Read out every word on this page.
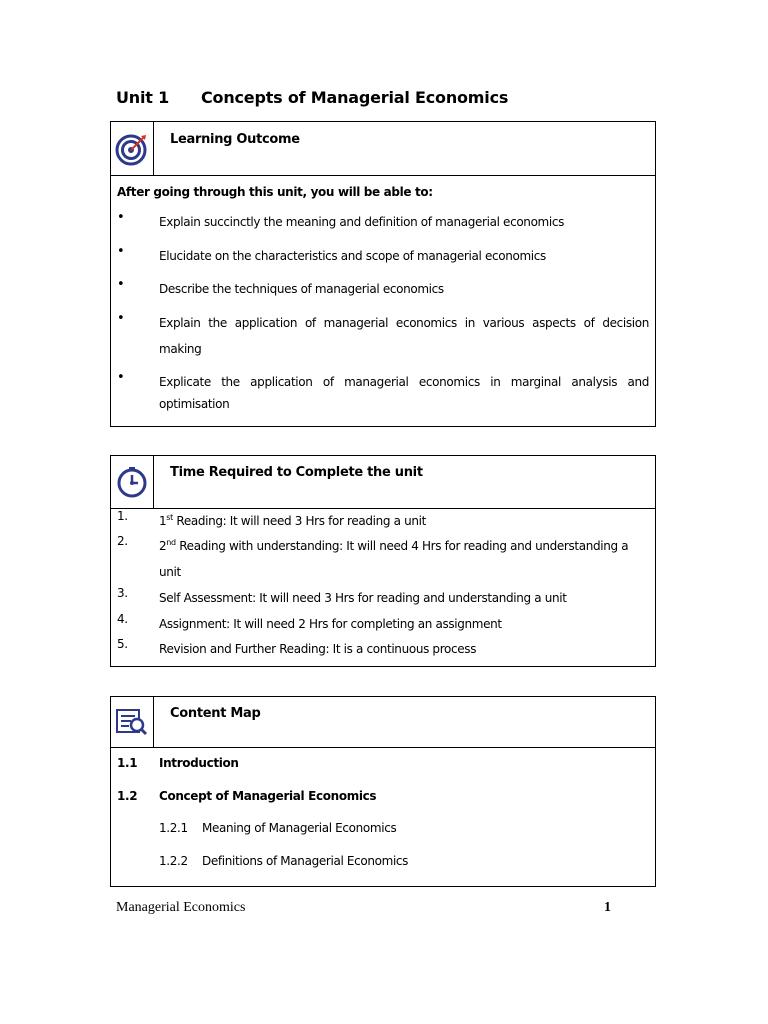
Unit 1 Concepts of Managerial Economics
Learning Outcome
After going through this unit, you will be able to:
•	Explain succinctly the meaning and definition of managerial economics
•	Elucidate on the characteristics and scope of managerial economics
•	Describe the techniques of managerial economics
•	Explain the application of managerial economics in various aspects of decision
making
•	Explicate the application of managerial economics in marginal analysis and
optimisation
Time Required to Complete the unit
1.	1st Reading: It will need 3 Hrs for reading a unit
2.	2nd Reading with understanding: It will need 4 Hrs for reading and understanding a
unit
3.	Self Assessment: It will need 3 Hrs for reading and understanding a unit
4.	Assignment: It will need 2 Hrs for completing an assignment
5.	Revision and Further Reading: It is a continuous process
Content Map
1.1 Introduction
1.2 Concept of Managerial Economics
1.2.1 Meaning of Managerial Economics
1.2.2 Definitions of Managerial Economics
Managerial Economics	1
